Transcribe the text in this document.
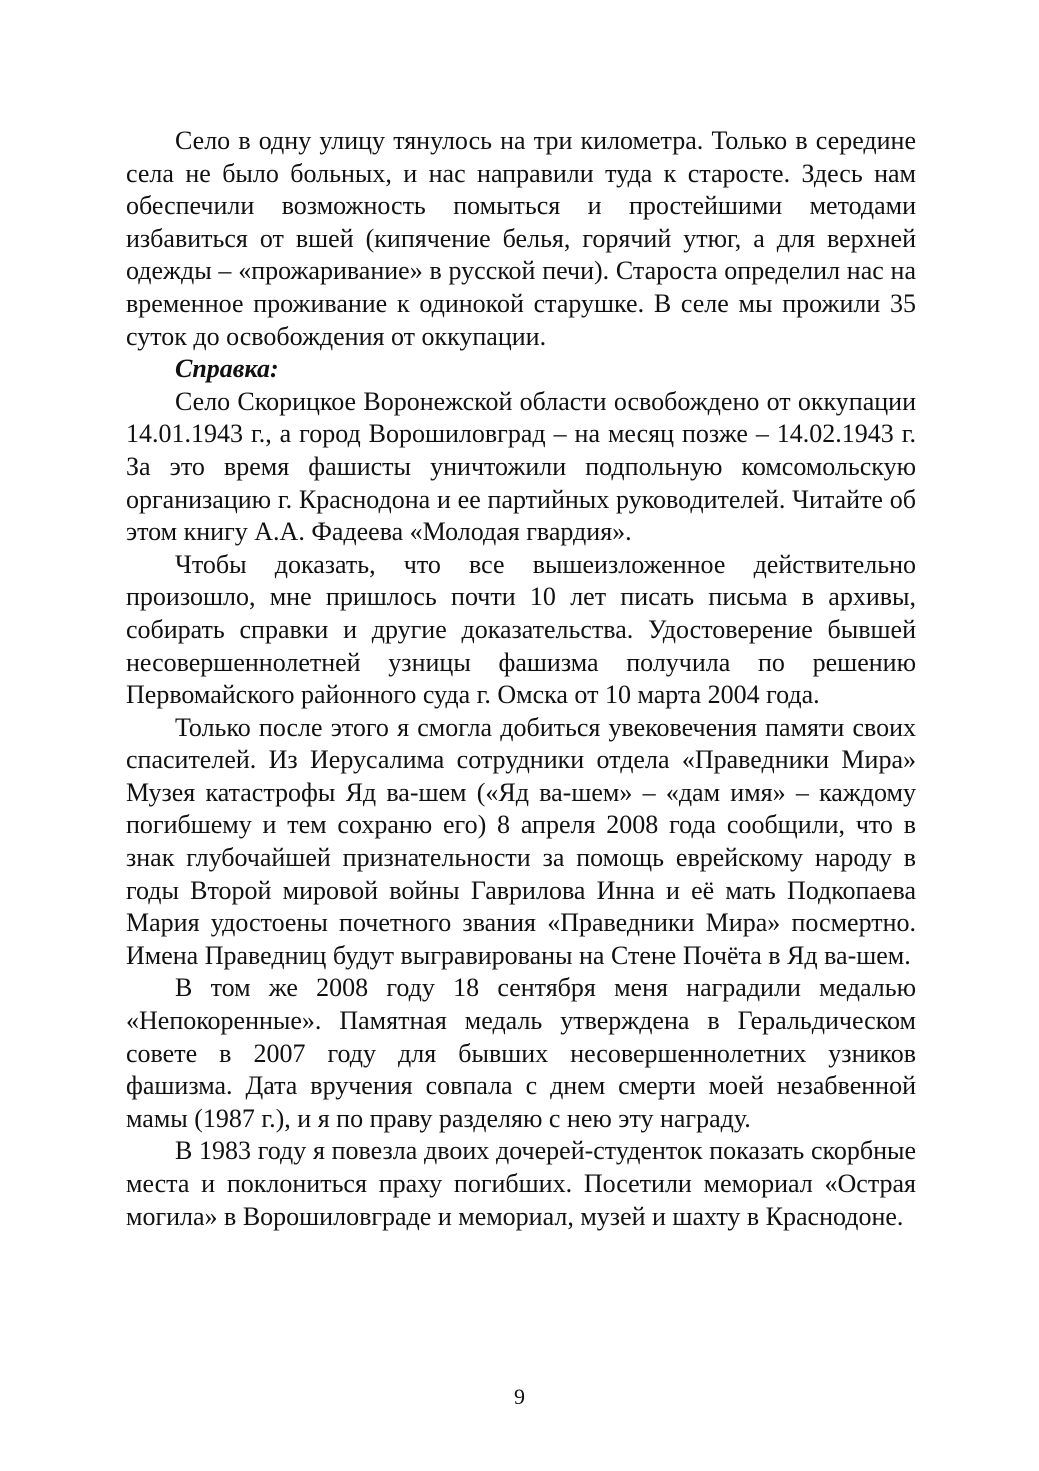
Село в одну улицу тянулось на три километра. Только в середине села не было больных, и нас направили туда к старосте. Здесь нам обеспечили возможность помыться и простейшими методами избавиться от вшей (кипячение белья, горячий утюг, а для верхней одежды – «прожаривание» в русской печи). Староста определил нас на временное проживание к одинокой старушке. В селе мы прожили 35 суток до освобождения от оккупации.

Справка:

Село Скорицкое Воронежской области освобождено от оккупации 14.01.1943 г., а город Ворошиловград – на месяц позже – 14.02.1943 г. За это время фашисты уничтожили подпольную комсомольскую организацию г. Краснодона и ее партийных руководителей. Читайте об этом книгу А.А. Фадеева «Молодая гвардия».

Чтобы доказать, что все вышеизложенное действительно произошло, мне пришлось почти 10 лет писать письма в архивы, собирать справки и другие доказательства. Удостоверение бывшей несовершеннолетней узницы фашизма получила по решению Первомайского районного суда г. Омска от 10 марта 2004 года.

Только после этого я смогла добиться увековечения памяти своих спасителей. Из Иерусалима сотрудники отдела «Праведники Мира» Музея катастрофы Яд ва-шем («Яд ва-шем» – «дам имя» – каждому погибшему и тем сохраню его) 8 апреля 2008 года сообщили, что в знак глубочайшей признательности за помощь еврейскому народу в годы Второй мировой войны Гаврилова Инна и её мать Подкопаева Мария удостоены почетного звания «Праведники Мира» посмертно. Имена Праведниц будут выгравированы на Стене Почёта в Яд ва-шем.

В том же 2008 году 18 сентября меня наградили медалью «Непокоренные». Памятная медаль утверждена в Геральдическом совете в 2007 году для бывших несовершеннолетних узников фашизма. Дата вручения совпала с днем смерти моей незабвенной мамы (1987 г.), и я по праву разделяю с нею эту награду.

В 1983 году я повезла двоих дочерей-студенток показать скорбные места и поклониться праху погибших. Посетили мемориал «Острая могила» в Ворошиловграде и мемориал, музей и шахту в Краснодоне.

9
